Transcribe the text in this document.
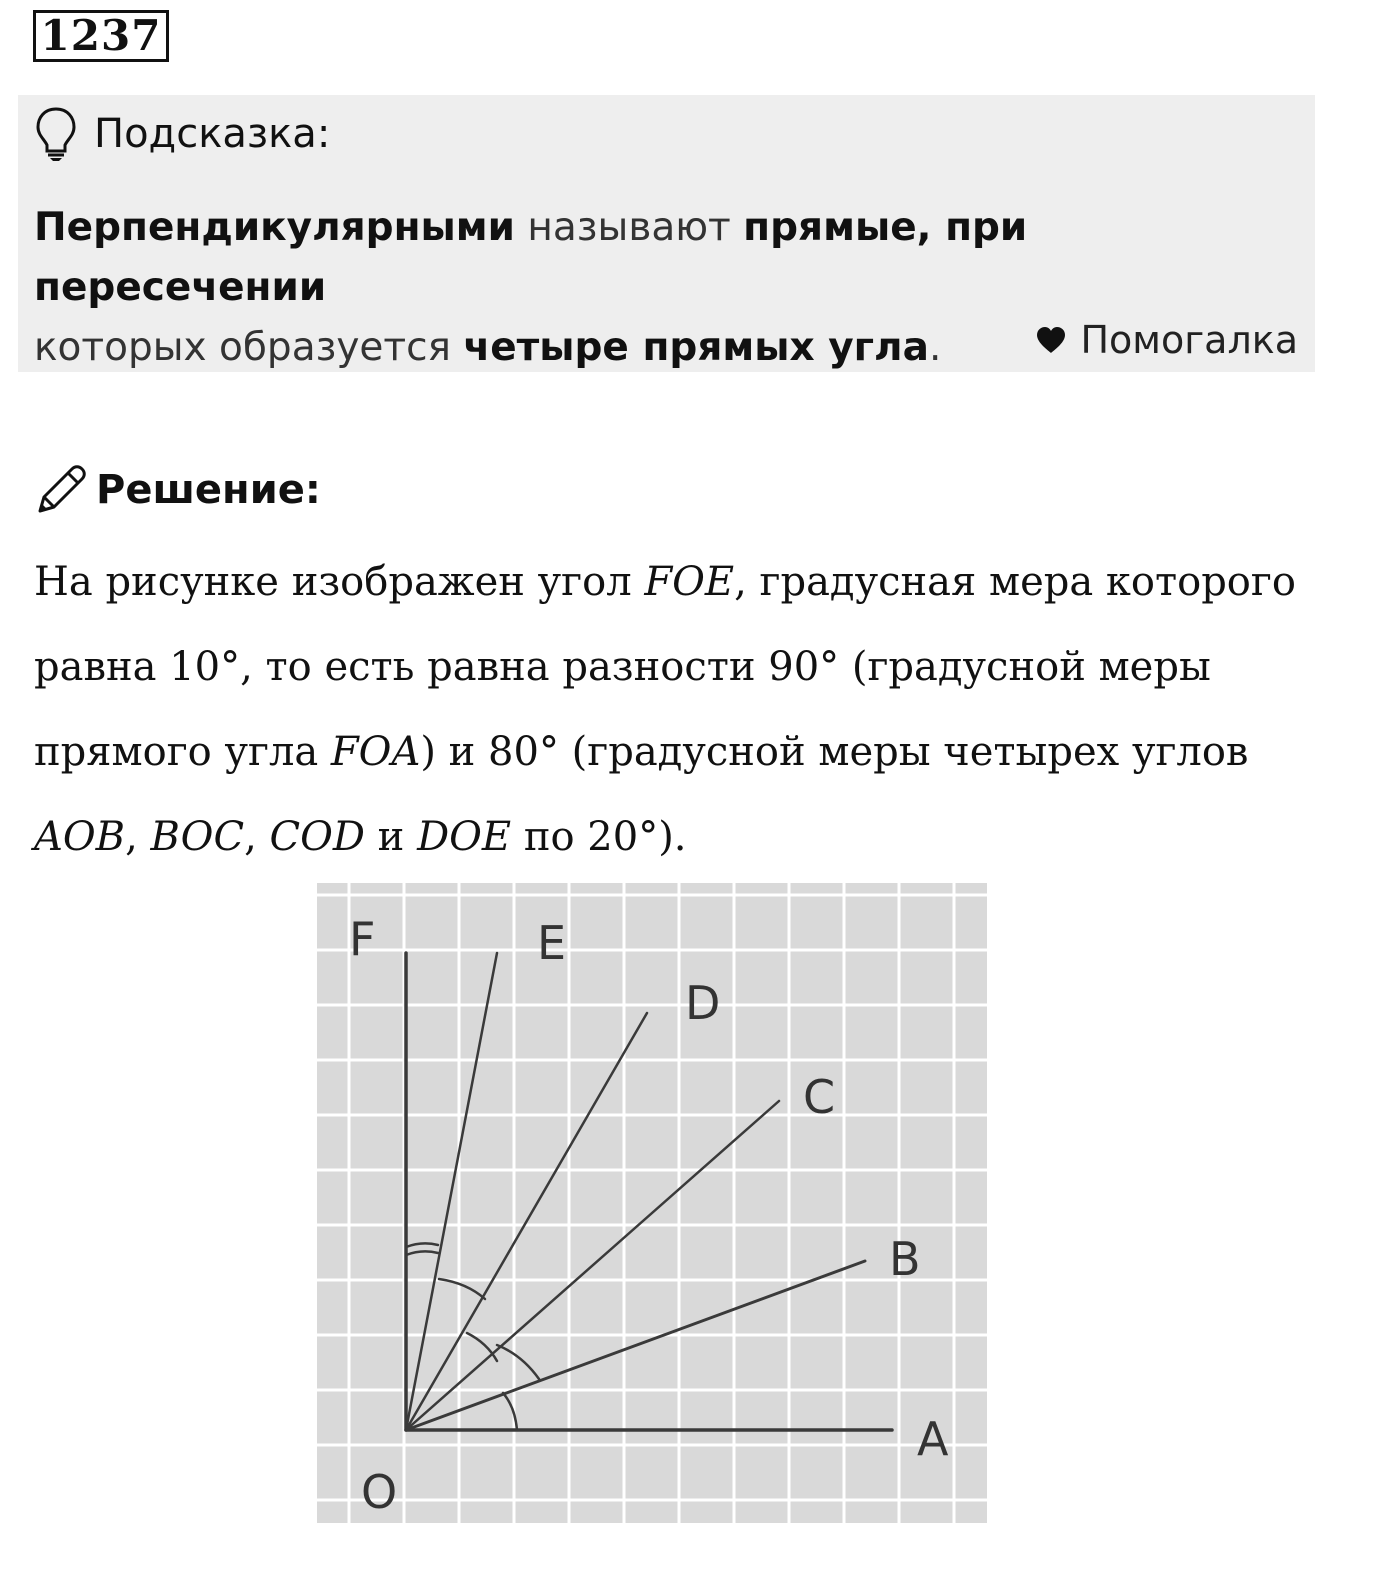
1237
Подсказка:
Перпендикулярными называют прямые, при пересечении
которых образуется четыре прямых угла.	Помогалка
Решение:
На рисунке изображен угол FOE, градусная мера которого
равна 10°, то есть равна разности 90° (градусной меры
прямого угла FOA) и 80° (градусной меры четырех углов
AOB, BOC, COD и DOE по 20°).
F	E
D
C
B
A
O
